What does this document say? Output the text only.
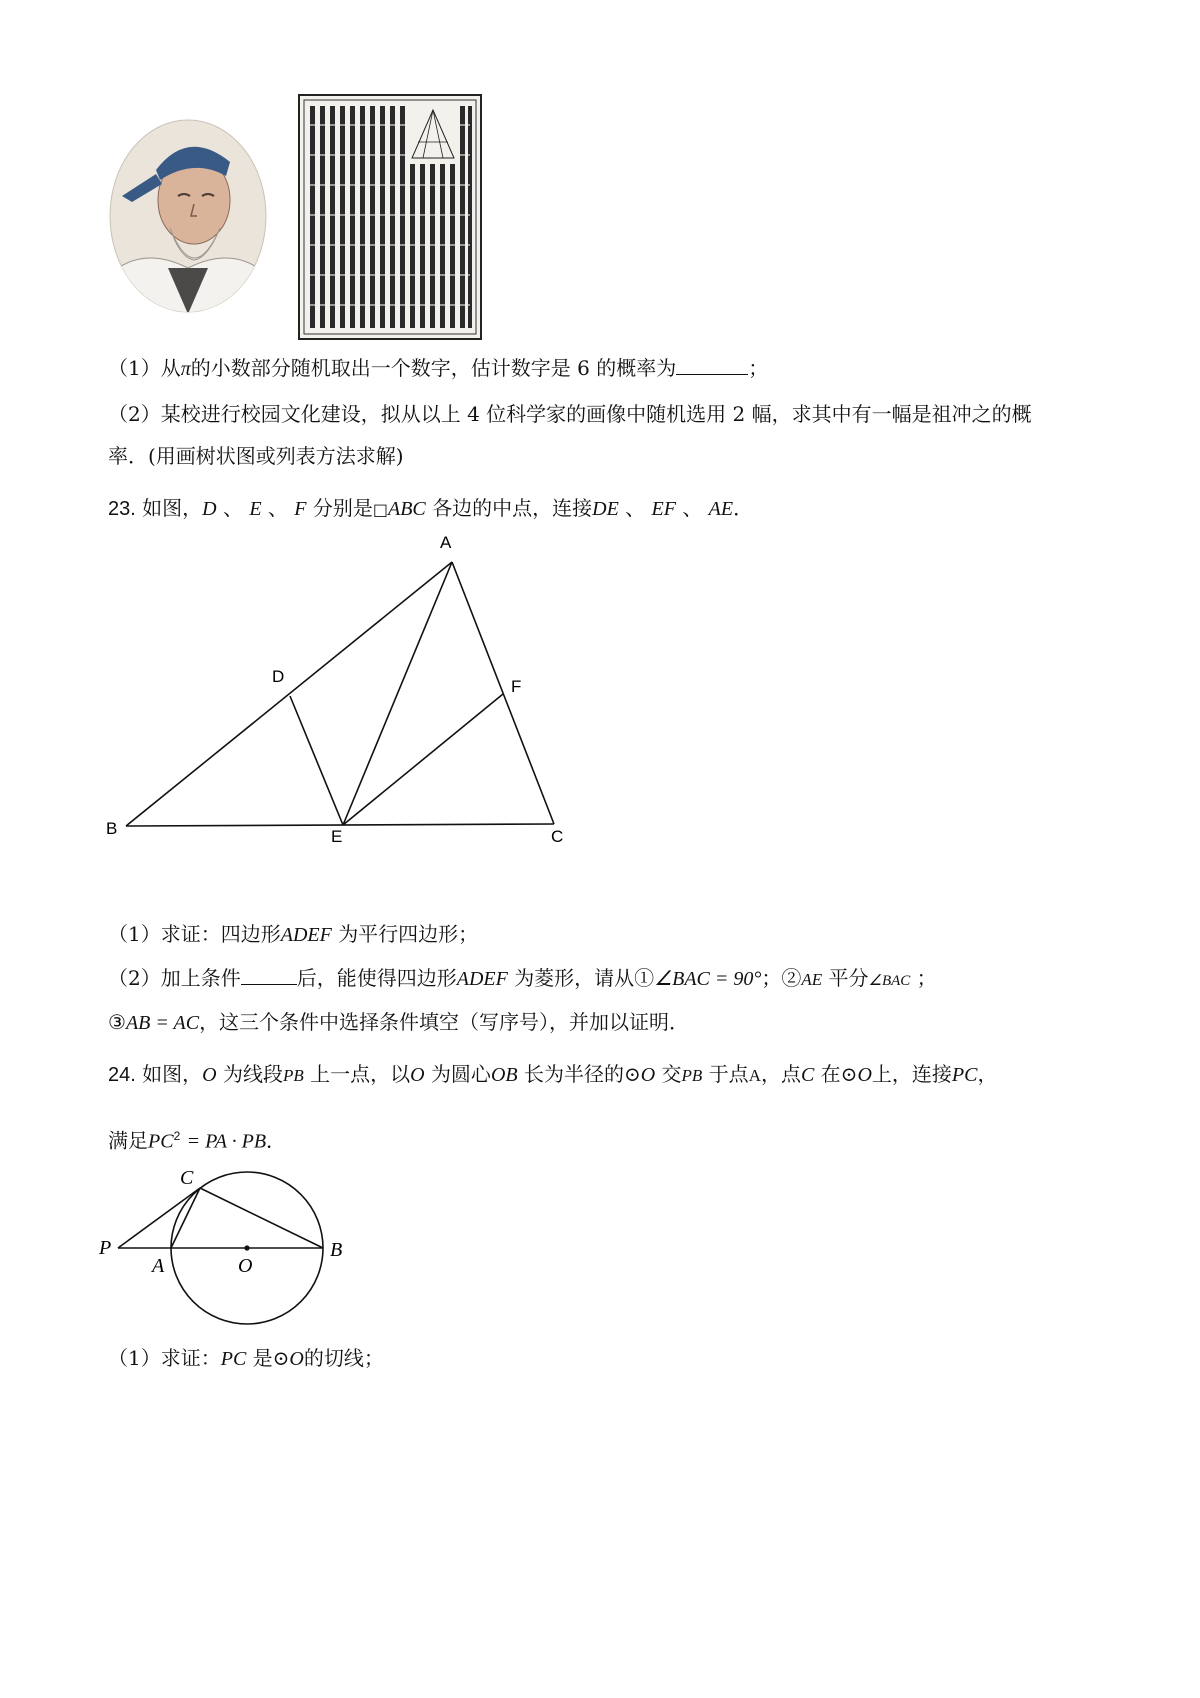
（1）从π的小数部分随机取出一个数字，估计数字是 6 的概率为	；
（2）某校进行校园文化建设，拟从以上 4 位科学家的画像中随机选用 2 幅，求其中有一幅是祖冲之的概
率．(用画树状图或列表方法求解)
23. 如图，D 、 E 、 F 分别是□ABC 各边的中点，连接DE 、 EF 、 AE．
A
D
F
B	E	C
（1）求证：四边形ADEF 为平行四边形；
（2）加上条件	后，能使得四边形ADEF 为菱形，请从①∠BAC = 90°；②AE 平分∠BAC ；
③AB = AC，这三个条件中选择条件填空（写序号），并加以证明．
24. 如图，O 为线段PB 上一点，以O 为圆心OB 长为半径的⊙O 交PB 于点A，点C 在⊙O上，连接PC，
满足$PC^2$ = PA · PB．
P
A	O
B
C
（1）求证：PC 是⊙O的切线；
